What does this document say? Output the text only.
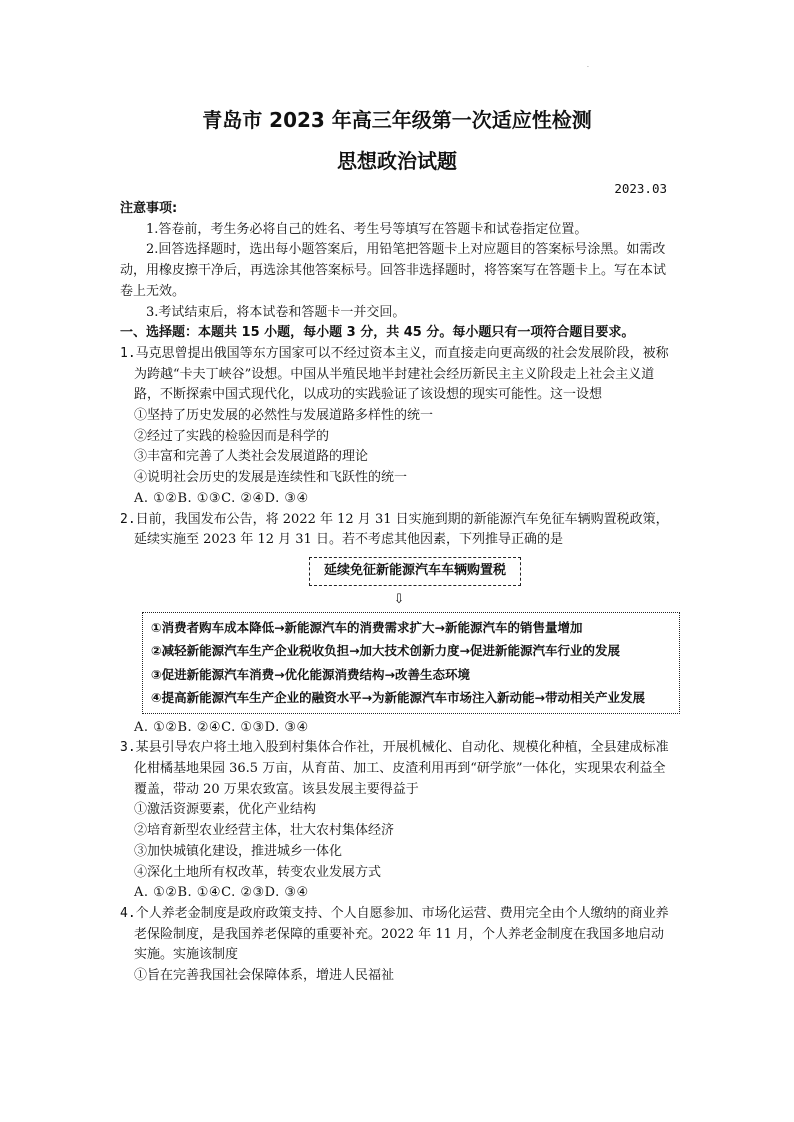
·
青岛市 2023 年高三年级第一次适应性检测
思想政治试题
2023.03

注意事项:

1.答卷前，考生务必将自己的姓名、考生号等填写在答题卡和试卷指定位置。

2.回答选择题时，选出每小题答案后，用铅笔把答题卡上对应题目的答案标号涂黑。如需改动，用橡皮擦干净后，再选涂其他答案标号。回答非选择题时，将答案写在答题卡上。写在本试卷上无效。

3.考试结束后，将本试卷和答题卡一并交回。

一、选择题：本题共 15 小题，每小题 3 分，共 45 分。每小题只有一项符合题目要求。

1.马克思曾提出俄国等东方国家可以不经过资本主义，而直接走向更高级的社会发展阶段，被称为跨越“卡夫丁峡谷”设想。中国从半殖民地半封建社会经历新民主主义阶段走上社会主义道路，不断探索中国式现代化，以成功的实践验证了该设想的现实可能性。这一设想

①坚持了历史发展的必然性与发展道路多样性的统一

②经过了实践的检验因而是科学的

③丰富和完善了人类社会发展道路的理论

④说明社会历史的发展是连续性和飞跃性的统一

A. ①②B. ①③C. ②④D. ③④

2.日前，我国发布公告，将 2022 年 12 月 31 日实施到期的新能源汽车免征车辆购置税政策，延续实施至 2023 年 12 月 31 日。若不考虑其他因素，下列推导正确的是

延续免征新能源汽车车辆购置税
⇩

①消费者购车成本降低→新能源汽车的消费需求扩大→新能源汽车的销售量增加

②减轻新能源汽车生产企业税收负担→加大技术创新力度→促进新能源汽车行业的发展

③促进新能源汽车消费→优化能源消费结构→改善生态环境

④提高新能源汽车生产企业的融资水平→为新能源汽车市场注入新动能→带动相关产业发展

A. ①②B. ②④C. ①③D. ③④

3.某县引导农户将土地入股到村集体合作社，开展机械化、自动化、规模化种植，全县建成标准化柑橘基地果园 36.5 万亩，从育苗、加工、皮渣利用再到“研学旅”一体化，实现果农利益全覆盖，带动 20 万果农致富。该县发展主要得益于

①激活资源要素，优化产业结构

②培育新型农业经营主体，壮大农村集体经济

③加快城镇化建设，推进城乡一体化

④深化土地所有权改革，转变农业发展方式

A. ①②B. ①④C. ②③D. ③④

4.个人养老金制度是政府政策支持、个人自愿参加、市场化运营、费用完全由个人缴纳的商业养老保险制度，是我国养老保障的重要补充。2022 年 11 月，个人养老金制度在我国多地启动实施。实施该制度

①旨在完善我国社会保障体系，增进人民福祉
